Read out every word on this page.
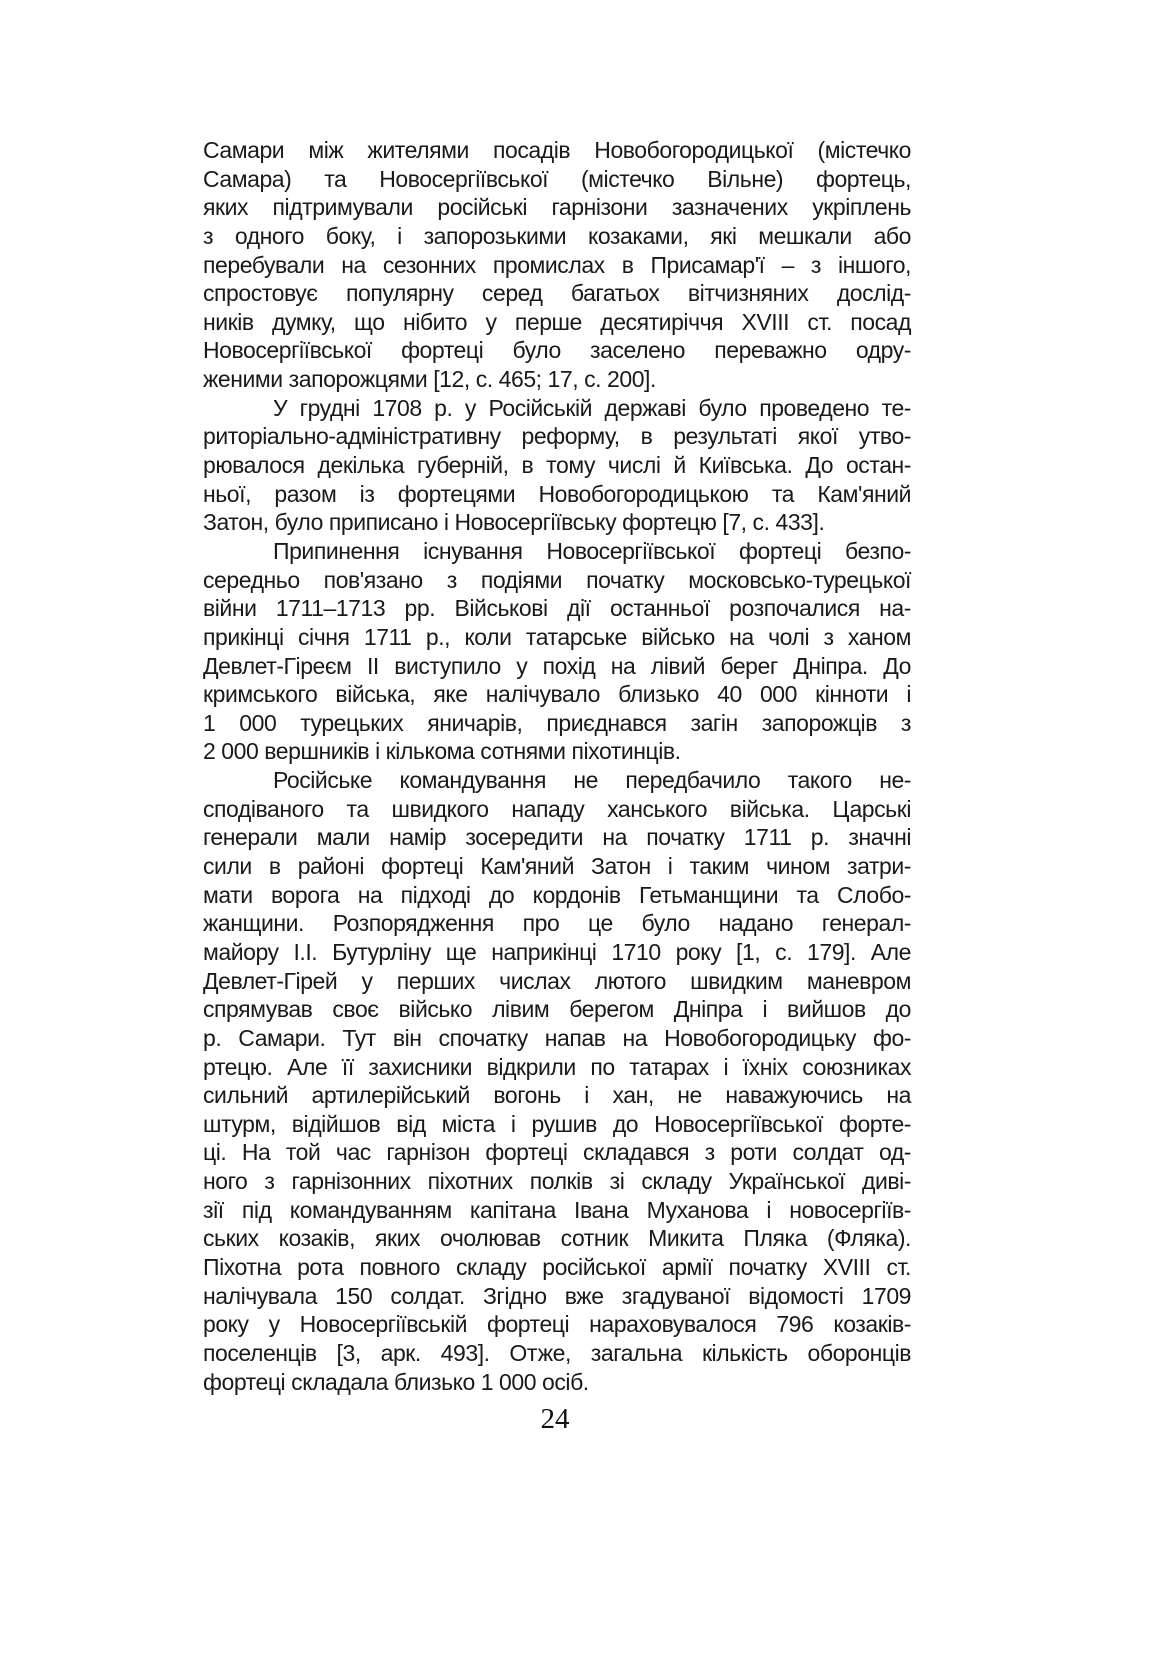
Самари між жителями посадів Новобогородицької (містечко
Самара) та Новосергіївської (містечко Вільне) фортець,
яких підтримували російські гарнізони зазначених укріплень
з одного боку, і запорозькими козаками, які мешкали або
перебували на сезонних промислах в Присамар'ї – з іншого,
спростовує популярну серед багатьох вітчизняних дослід-
ників думку, що нібито у перше десятиріччя XVIII ст. посад
Новосергіївської фортеці було заселено переважно одру-
женими запорожцями [12, с. 465; 17, с. 200].
У грудні 1708 р. у Російській державі було проведено те-
риторіально-адміністративну реформу, в результаті якої утво-
рювалося декілька губерній, в тому числі й Київська. До остан-
ньої, разом із фортецями Новобогородицькою та Кам'яний
Затон, було приписано і Новосергіївську фортецю [7, с. 433].
Припинення існування Новосергіївської фортеці безпо-
середньо пов'язано з подіями початку московсько-турецької
війни 1711–1713 рр. Військові дії останньої розпочалися на-
прикінці січня 1711 р., коли татарське військо на чолі з ханом
Девлет-Гіреєм II виступило у похід на лівий берег Дніпра. До
кримського війська, яке налічувало близько 40 000 кінноти і
1 000 турецьких яничарів, приєднався загін запорожців з
2 000 вершників і кількома сотнями піхотинців.
Російське командування не передбачило такого не-
сподіваного та швидкого нападу ханського війська. Царські
генерали мали намір зосередити на початку 1711 р. значні
сили в районі фортеці Кам'яний Затон і таким чином затри-
мати ворога на підході до кордонів Гетьманщини та Слобо-
жанщини. Розпорядження про це було надано генерал-
майору І.І. Бутурліну ще наприкінці 1710 року [1, с. 179]. Але
Девлет-Гірей у перших числах лютого швидким маневром
спрямував своє військо лівим берегом Дніпра і вийшов до
р. Самари. Тут він спочатку напав на Новобогородицьку фо-
ртецю. Але її захисники відкрили по татарах і їхніх союзниках
сильний артилерійський вогонь і хан, не наважуючись на
штурм, відійшов від міста і рушив до Новосергіївської форте-
ці. На той час гарнізон фортеці складався з роти солдат од-
ного з гарнізонних піхотних полків зі складу Української диві-
зії під командуванням капітана Івана Муханова і новосергіїв-
ських козаків, яких очолював сотник Микита Пляка (Фляка).
Піхотна рота повного складу російської армії початку XVIII ст.
налічувала 150 солдат. Згідно вже згадуваної відомості 1709
року у Новосергіївській фортеці нараховувалося 796 козаків-
поселенців [3, арк. 493]. Отже, загальна кількість оборонців
фортеці складала близько 1 000 осіб.
24
